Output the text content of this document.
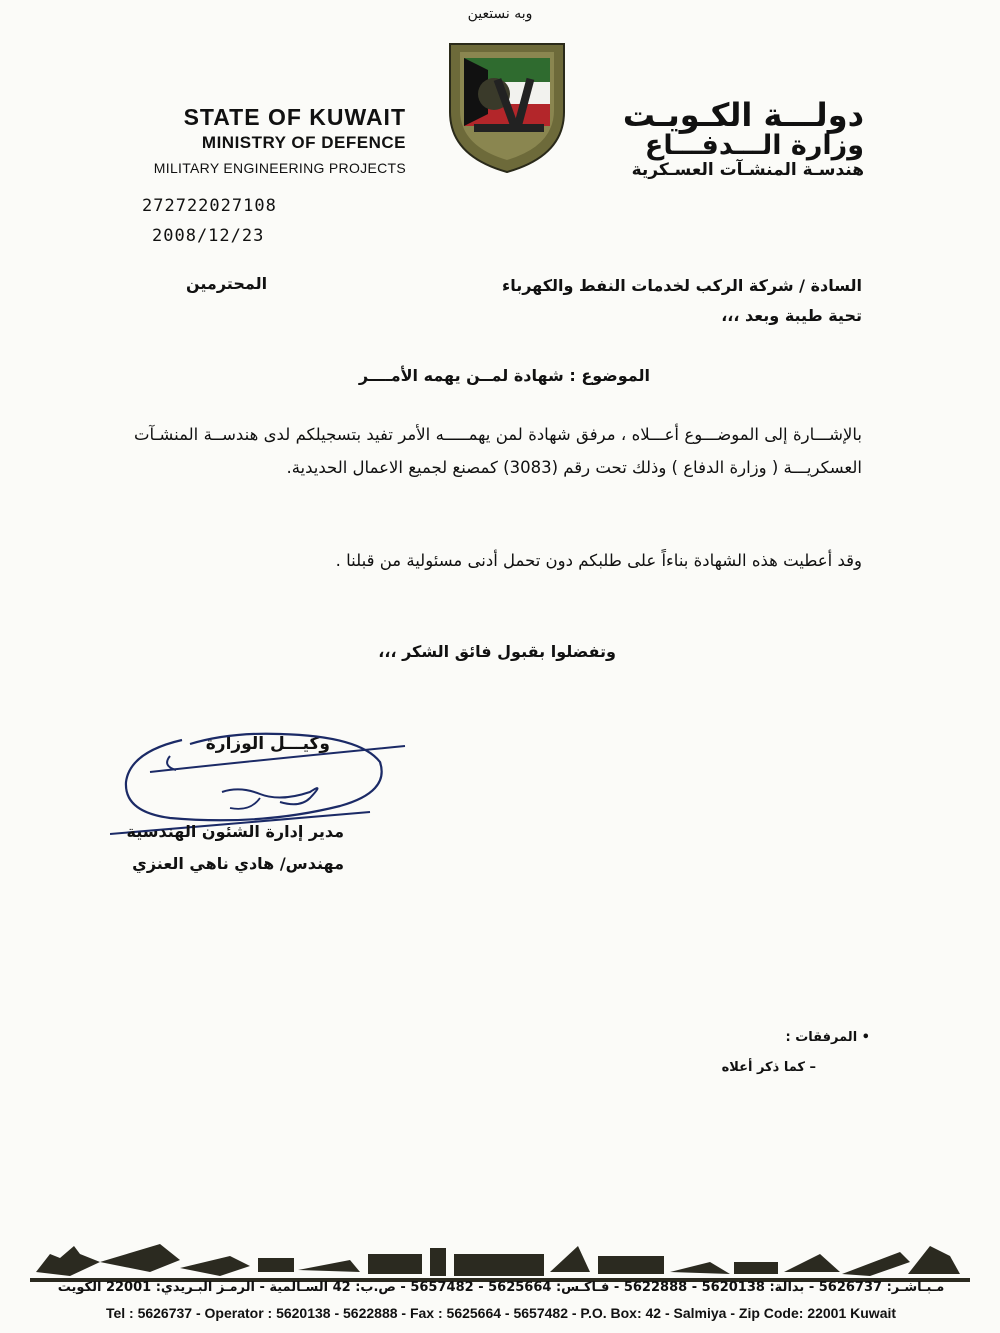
وبه نستعين
STATE OF KUWAIT
MINISTRY OF DEFENCE
MILITARY ENGINEERING PROJECTS
دولـــة الكـويـت
وزارة الـــدفـــاع
هندسـة المنشـآت العسـكرية
272722027108
2008/12/23
السادة / شركة الركب لخدمات النفط والكهرباء
المحترمين
تحية طيبة وبعد ،،،
الموضوع : شهادة لمــن يهمه الأمــــر
بالإشـــارة إلى الموضـــوع أعـــلاه ، مرفق شهادة لمن يهمـــــه الأمر تفيد بتسجيلكم لدى هندســة المنشـآت العسكريـــة ( وزارة الدفاع ) وذلك تحت رقم (3083) كمصنع لجميع الاعمال الحديدية.
وقد أعطيت هذه الشهادة بناءاً على طلبكم دون تحمل أدنى مسئولية من قبلنا .
وتفضلوا بقبول فائق الشكر ،،،
وكيـــل الوزارة
مدير إدارة الشئون الهندسية
مهندس/ هادي ناهي العنزي
• المرفقات :
– كما ذكر أعلاه
مـبـاشـر: 5626737 - بدالة: 5620138 - 5622888 - فـاكـس: 5625664 - 5657482 - ص.ب: 42 السـالمية - الرمـز البـريدي: 22001 الكويت
Tel : 5626737 - Operator : 5620138 - 5622888 - Fax : 5625664 - 5657482 - P.O. Box: 42 - Salmiya - Zip Code: 22001 Kuwait
